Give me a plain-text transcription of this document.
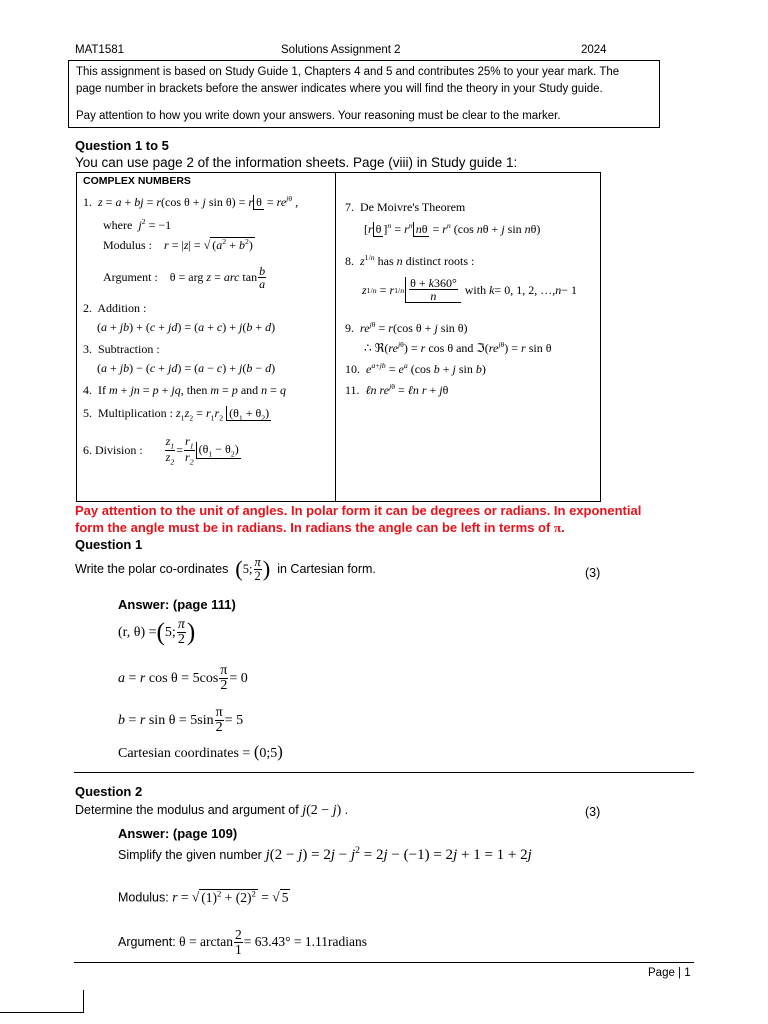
MAT1581	Solutions Assignment 2	2024
This assignment is based on Study Guide 1, Chapters 4 and 5 and contributes 25% to your year mark. The
page number in brackets before the answer indicates where you will find the theory in your Study guide.
Pay attention to how you write down your answers. Your reasoning must be clear to the marker.
Question 1 to 5
You can use page 2 of the information sheets. Page (viii) in Study guide 1:
COMPLEX NUMBERS
1. z = a + bj = r(cos θ + j sin θ) = r $\theta = re^{j\theta}$ ,
where $j^2 = -1$
Modulus : r = |z| = √ $(a^2 + b^2)$
Argument : θ = arg z = arc $\tan \frac{b}{a}$
2. Addition :
(a + jb) + (c + jd) = (a + c) + j(b + d)
3. Subtraction :
(a + jb) − (c + jd) = (a − c) + j(b − d)
4.  If m + jn = p + jq, then m = p and n = q
5. Multiplication : $z_1z_2 = r_1r_2$ $(\theta_1 + \theta_2)$
6.
Division :
$\frac{z_1}{z_2} = \frac{r_1}{r_2} (\theta_1 - \theta_2)$
7. De Moivre's Theorem
[r θ ]$^n = r^n$ $n\theta = r^n$ (cos nθ + j sin nθ)
8. $z^{1/n}$ has n distinct roots :
z 1/n = r $1/n \frac{\theta + k360^\circ}{n}$
with
k = 0, 1, 2, …, n − 1
9. $re^{j\theta} = r(\cos$ θ + j sin θ)
∴ $ℜ(re^{j\theta}) = r$ cos θ and $ℑ(re^{j\theta}) = r$ sin θ
10. $e^{a+jb} = e^a$ (cos b + j sin b)
11. ℓn $re^{j\theta}$ = ℓn r + jθ
Pay attention to the unit of angles. In polar form it can be degrees or radians. In exponential
form the angle must be in radians. In radians the angle can be left in terms of π.
Question 1
Write the polar co-ordinates
( 5; $\frac{\pi}{2}$ )
in Cartesian form.	(3)
Answer: (page 111)
(r, θ) = ( 5; $\frac{\pi}{2}$ )
a = r $\cos \theta = 5\cos \frac{\pi}{2} = 0$
b = r $\sin \theta = 5\sin \frac{\pi}{2} = 5$
Cartesian coordinates = (0;5)
Question 2
Determine the modulus and argument of j(2 − j) .	(3)
Answer: (page 109)
Simplify the given number $j(2 - j) = 2j - j^2 = 2j - (-1) = 2j + 1 = 1 + 2j$
Modulus: r = √ $(1)^2 + (2)^2$ = √ 5
Argument:
$\theta = \arctan \frac{2}{1} = 63.43^\circ = 1.11$ radians
Page | 1
